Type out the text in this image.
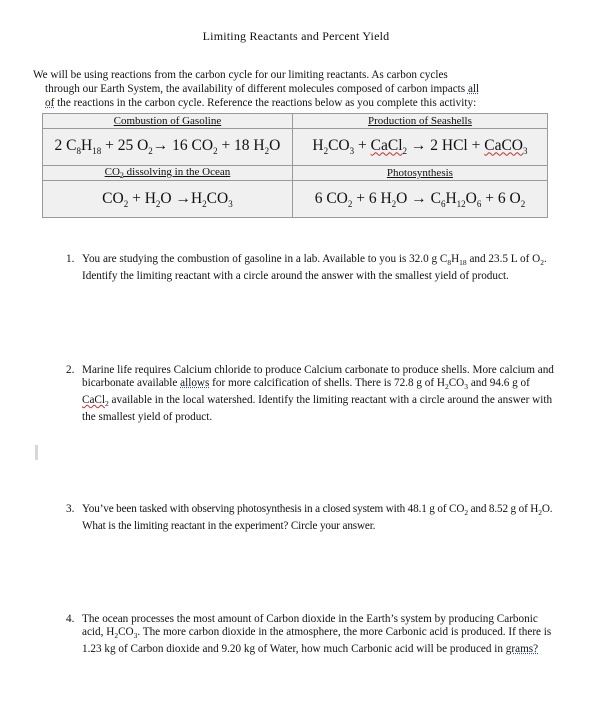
Limiting Reactants and Percent Yield

We will be using reactions from the carbon cycle for our limiting reactants. As carbon cycles

through our Earth System, the availability of different molecules composed of carbon impacts all

of the reactions in the carbon cycle. Reference the reactions below as you complete this activity:

Combustion of Gasoline	Production of Seashells
2 $C_8H_{18} + 25$ $O_2\to 16$ $CO_2 + 18$ $H_2O$	$H_2CO_3$ + CaCl$_2$ → 2 HCl + CaCO$_3$
$CO_2$ dissolving in the Ocean	Photosynthesis
$CO_2 + H_2O \to H_2CO_3$	6 $CO_2 + 6$ $H_2O \to C_6H_{12}O_6 + 6$ $O_2$
1. You are studying the combustion of gasoline in a lab. Available to you is 32.0 g $C_8H_{18}$ and 23.5 L of $O_2$. Identify the limiting reactant with a circle around the answer with the smallest yield of product.
2. Marine life requires Calcium chloride to produce Calcium carbonate to produce shells. More calcium and bicarbonate available allows for more calcification of shells. There is 72.8 g of $H_2CO_3$ and 94.6 g of CaCl$_2$ available in the local watershed. Identify the limiting reactant with a circle around the answer with the smallest yield of product.
3. You’ve been tasked with observing photosynthesis in a closed system with 48.1 g of $CO_2$ and 8.52 g of $H_2O$. What is the limiting reactant in the experiment? Circle your answer.
4. The ocean processes the most amount of Carbon dioxide in the Earth’s system by producing Carbonic acid, $H_2CO_3$. The more carbon dioxide in the atmosphere, the more Carbonic acid is produced. If there is 1.23 kg of Carbon dioxide and 9.20 kg of Water, how much Carbonic acid will be produced in grams?
